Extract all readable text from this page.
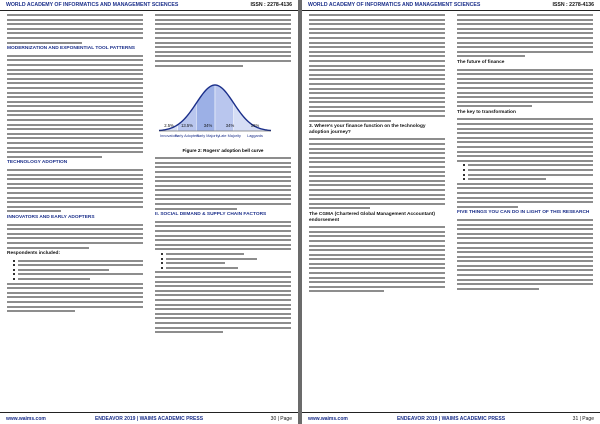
WORLD ACADEMY OF INFORMATICS AND MANAGEMENT SCIENCES	ISSN : 2278-4136
MODERNIZATION AND EXPONENTIAL TOOL PATTERNS
TECHNOLOGY ADOPTION
INNOVATORS AND EARLY ADOPTERS
Respondents included:
2.5%
Innovators
13.5%
Early Adopters
34%
Early Majority
34%
Late Majority
16%
Laggards
Figure 2: Rogers' adoption bell curve
II. SOCIAL DEMAND & SUPPLY CHAIN FACTORS
www.waims.com	ENDEAVOR 2019 | WAIMS ACADEMIC PRESS	30 | Page
WORLD ACADEMY OF INFORMATICS AND MANAGEMENT SCIENCES	ISSN : 2278-4136
3. Where's your finance function on the technology adoption journey?
The CGMA (Chartered Global Management Accountant) endorsement
The future of finance
The key to transformation
FIVE THINGS YOU CAN DO IN LIGHT OF THIS RESEARCH
www.waims.com	ENDEAVOR 2019 | WAIMS ACADEMIC PRESS	31 | Page
